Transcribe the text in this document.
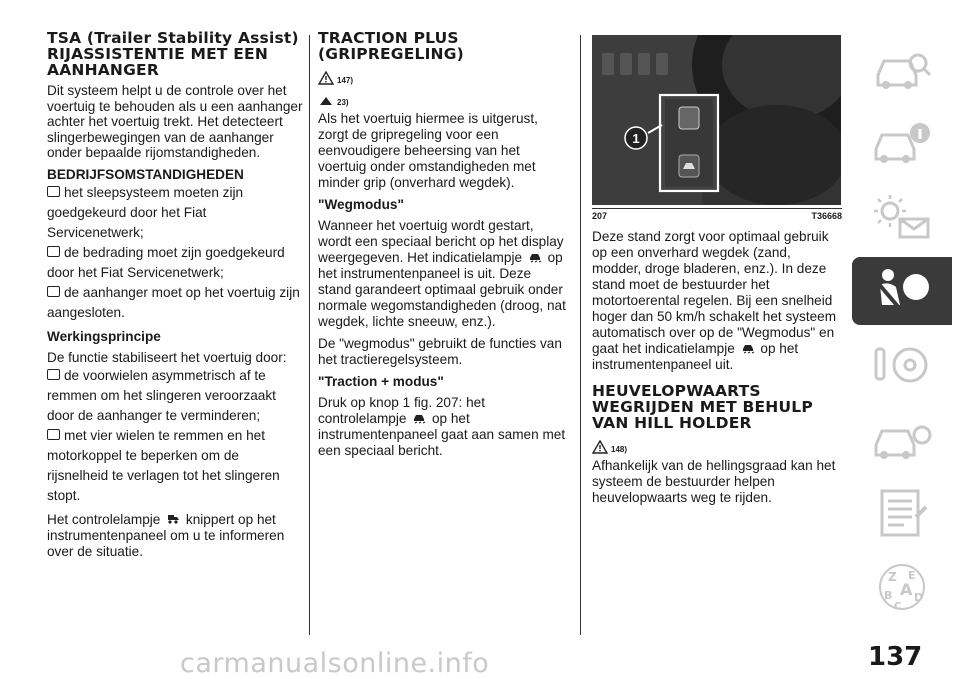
TSA (Trailer Stability Assist) RIJASSISTENTIE MET EEN AANHANGER

Dit systeem helpt u de controle over het voertuig te behouden als u een aanhanger achter het voertuig trekt. Het detecteert slingerbewegingen van de aanhanger onder bepaalde rijomstandigheden.

BEDRIJFSOMSTANDIGHEDEN
het sleepsysteem moeten zijn goedgekeurd door het Fiat Servicenetwerk;
de bedrading moet zijn goedgekeurd door het Fiat Servicenetwerk;
de aanhanger moet op het voertuig zijn aangesloten.
Werkingsprincipe

De functie stabiliseert het voertuig door:

de voorwielen asymmetrisch af te remmen om het slingeren veroorzaakt door de aanhanger te verminderen;
met vier wielen te remmen en het motorkoppel te beperken om de rijsnelheid te verlagen tot het slingeren stopt.

Het controlelampje knippert op het instrumentenpaneel om u te informeren over de situatie.

TRACTION PLUS (GRIPREGELING)
147)
23)

Als het voertuig hiermee is uitgerust, zorgt de gripregeling voor een eenvoudigere beheersing van het voertuig onder omstandigheden met minder grip (onverhard wegdek).

"Wegmodus"

Wanneer het voertuig wordt gestart, wordt een speciaal bericht op het display weergegeven. Het indicatielampje op het instrumentenpaneel is uit. Deze stand garandeert optimaal gebruik onder normale wegomstandigheden (droog, nat wegdek, lichte sneeuw, enz.).

De "wegmodus" gebruikt de functies van het tractieregelsysteem.

"Traction + modus"

Druk op knop 1 fig. 207: het controlelampje op het instrumentenpaneel gaat aan samen met een speciaal bericht.

1
207	T36668

Deze stand zorgt voor optimaal gebruik op een onverhard wegdek (zand, modder, droge bladeren, enz.). In deze stand moet de bestuurder het motortoerental regelen. Bij een snelheid hoger dan 50 km/h schakelt het systeem automatisch over op de "Wegmodus" en gaat het indicatielampje op het instrumentenpaneel uit.

HEUVELOPWAARTS WEGRIJDEN MET BEHULP VAN HILL HOLDER
148)

Afhankelijk van de hellingsgraad kan het systeem de bestuurder helpen heuvelopwaarts weg te rijden.

Z E
A
B D
C
137
carmanualsonline.info
